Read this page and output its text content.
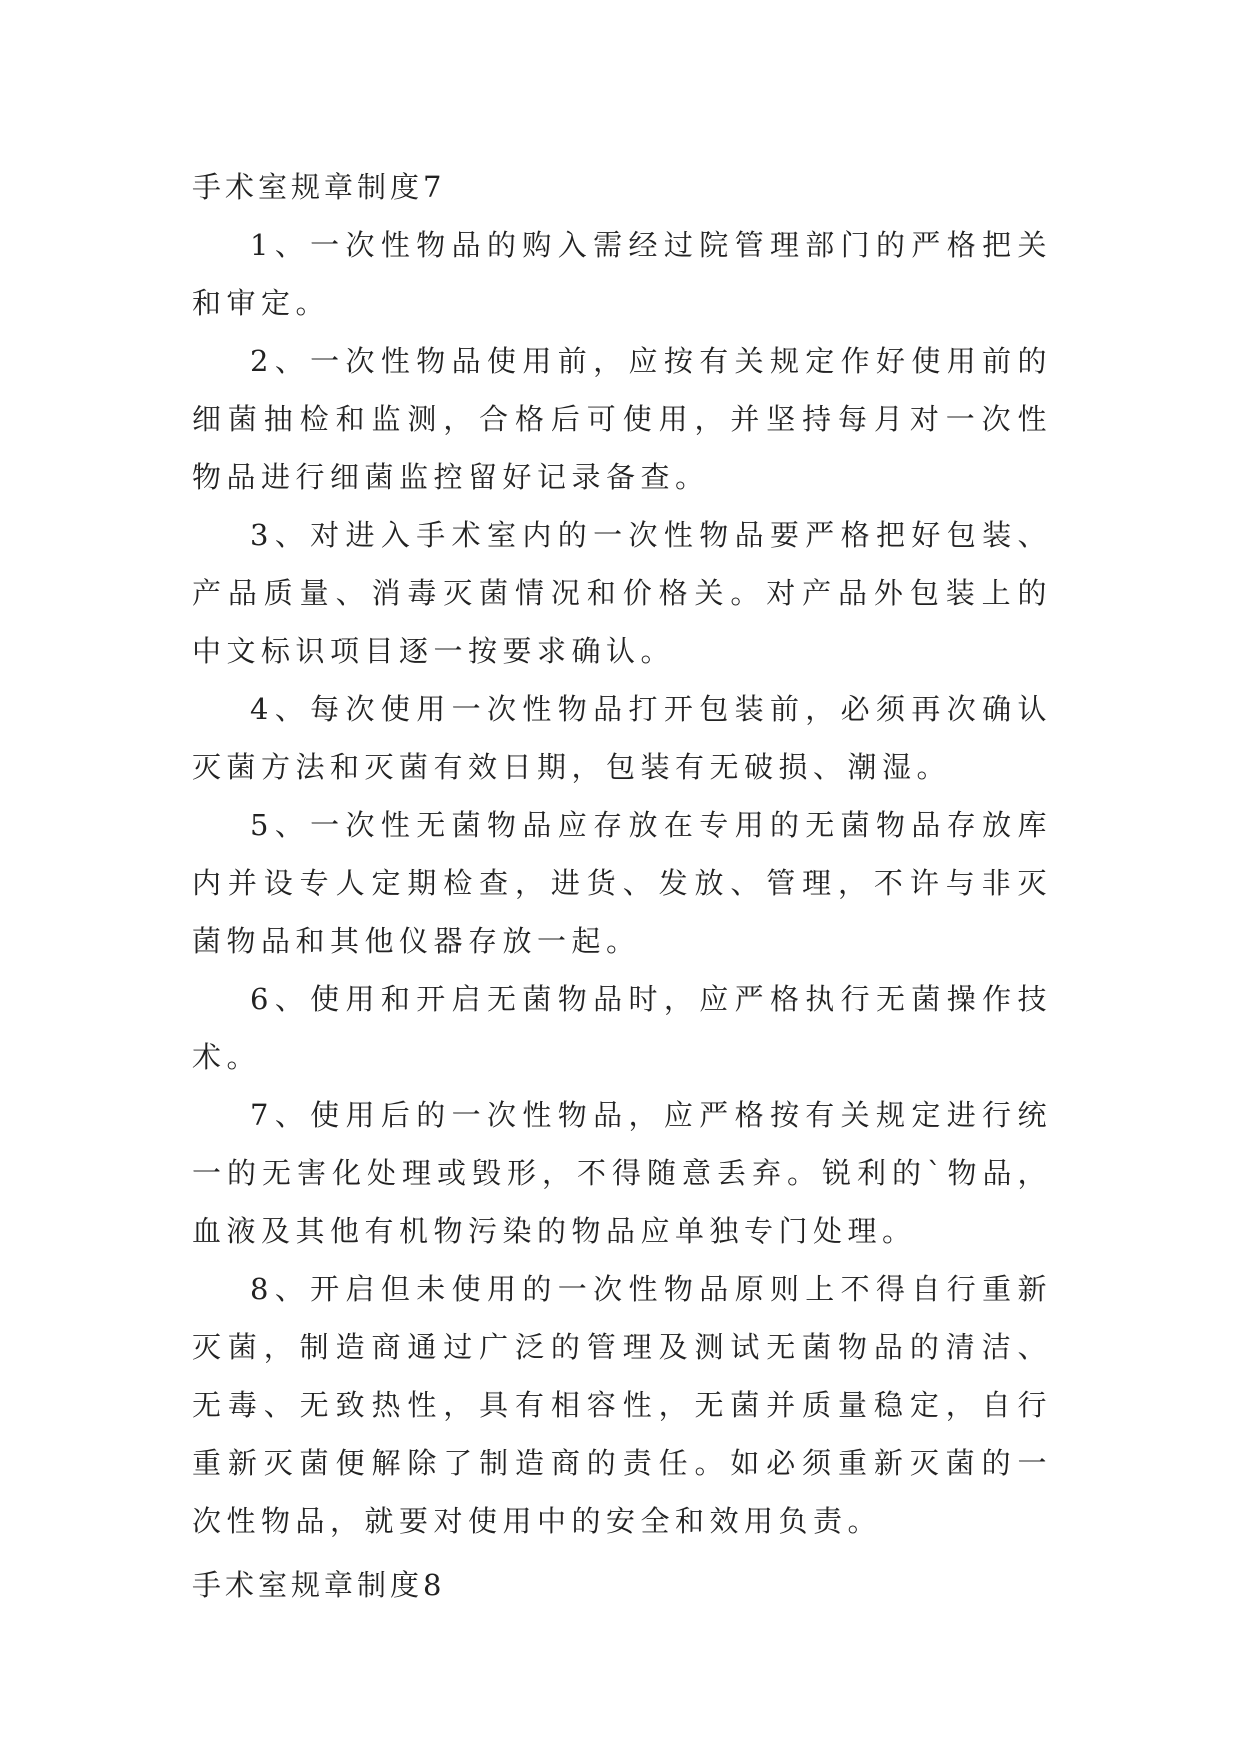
手术室规章制度7

1、一次性物品的购入需经过院管理部门的严格把关和审定。

2、一次性物品使用前，应按有关规定作好使用前的细菌抽检和监测，合格后可使用，并坚持每月对一次性物品进行细菌监控留好记录备查。

3、对进入手术室内的一次性物品要严格把好包装、产品质量、消毒灭菌情况和价格关。对产品外包装上的中文标识项目逐一按要求确认。

4、每次使用一次性物品打开包装前，必须再次确认灭菌方法和灭菌有效日期，包装有无破损、潮湿。

5、一次性无菌物品应存放在专用的无菌物品存放库内并设专人定期检查，进货、发放、管理，不许与非灭菌物品和其他仪器存放一起。

6、使用和开启无菌物品时，应严格执行无菌操作技术。

7、使用后的一次性物品，应严格按有关规定进行统一的无害化处理或毁形，不得随意丢弃。锐利的`物品，血液及其他有机物污染的物品应单独专门处理。

8、开启但未使用的一次性物品原则上不得自行重新灭菌，制造商通过广泛的管理及测试无菌物品的清洁、无毒、无致热性，具有相容性，无菌并质量稳定，自行重新灭菌便解除了制造商的责任。如必须重新灭菌的一次性物品，就要对使用中的安全和效用负责。

手术室规章制度8
